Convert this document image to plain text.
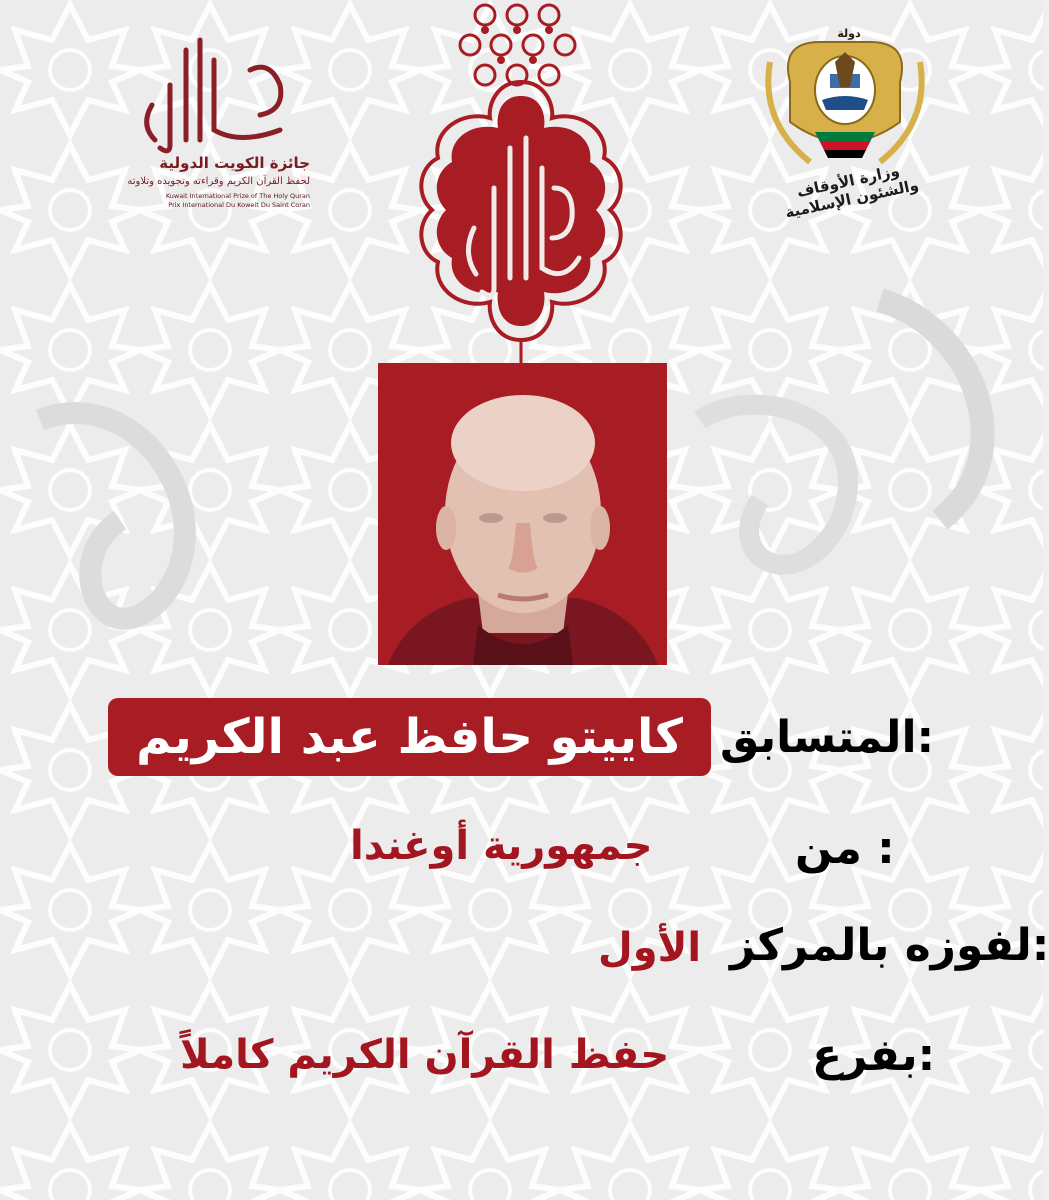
جائزة الكويت الدولية
لحفظ القرآن الكريم وقراءته وتجويده وتلاوته
Kuwait International Prize of The Holy Quran
Prix International Du Koweit Du Saint Coran
دولة
وزارة الأوقاف والشئون الإسلامية
المتسابق:
كاييتو حافظ عبد الكريم
من :
جمهورية أوغندا
لفوزه بالمركز:
الأول
بفرع:
حفظ القرآن الكريم كاملاً
